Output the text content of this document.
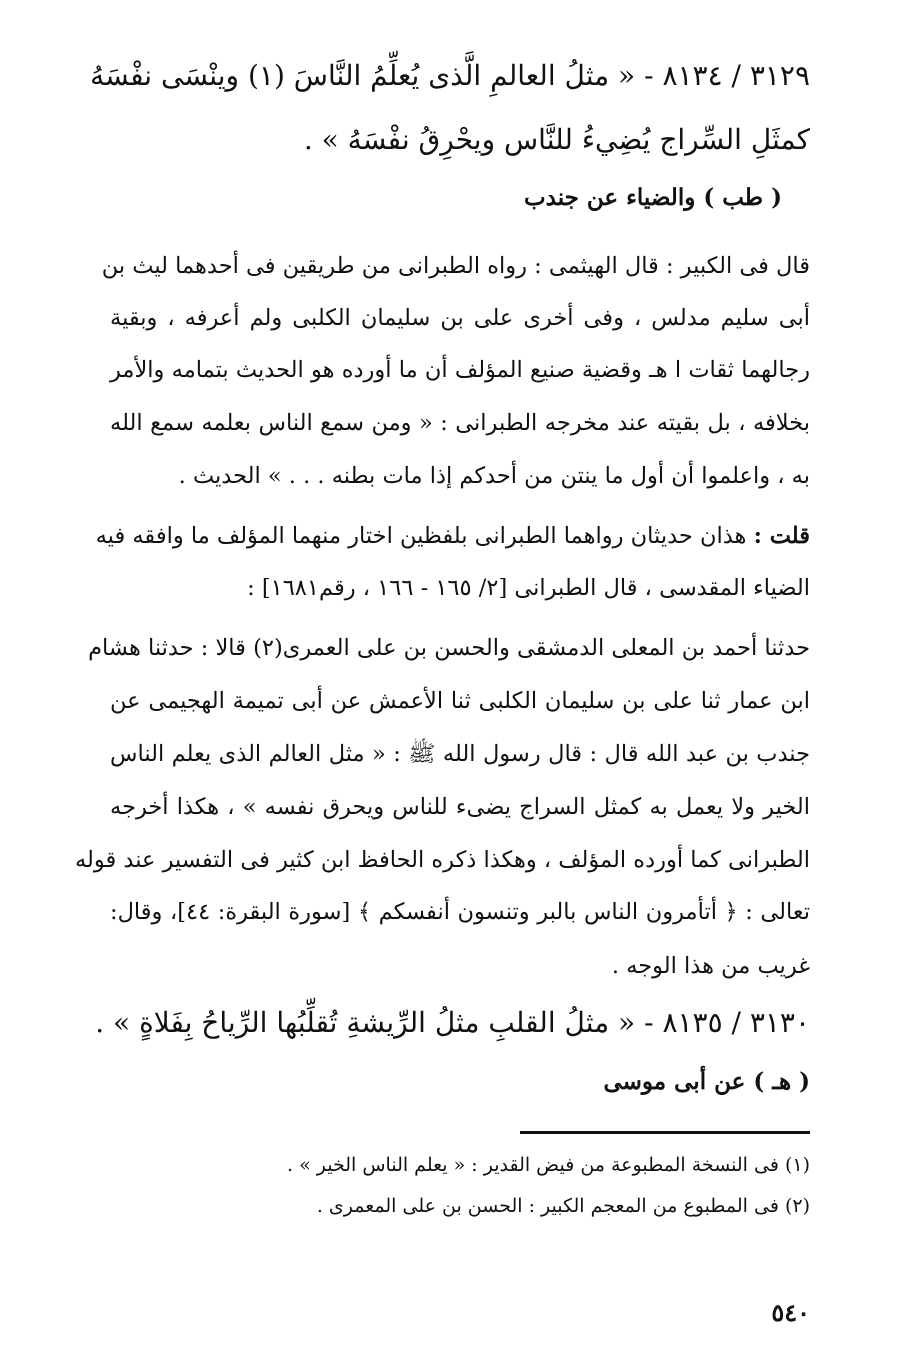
٣١٢٩ / ٨١٣٤ - « مثلُ العالمِ الَّذى يُعلِّمُ النَّاسَ (١) وينْسَى نفْسَهُ
كمثَلِ السِّراج يُضِيءُ للنَّاس ويحْرِقُ نفْسَهُ » .
( طب ) والضياء عن جندب
قال فى الكبير : قال الهيثمى : رواه الطبرانى من طريقين فى أحدهما ليث بن
أبى سليم مدلس ، وفى أخرى على بن سليمان الكلبى ولم أعرفه ، وبقية
رجالهما ثقات ا هـ وقضية صنيع المؤلف أن ما أورده هو الحديث بتمامه والأمر
بخلافه ، بل بقيته عند مخرجه الطبرانى : « ومن سمع الناس بعلمه سمع الله
به ، واعلموا أن أول ما ينتن من أحدكم إذا مات بطنه . . . » الحديث .
قلت : هذان حديثان رواهما الطبرانى بلفظين اختار منهما المؤلف ما وافقه فيه
الضياء المقدسى ، قال الطبرانى [٢/ ١٦٥ - ١٦٦ ، رقم١٦٨١] :
حدثنا أحمد بن المعلى الدمشقى والحسن بن على العمرى(٢) قالا : حدثنا هشام
ابن عمار ثنا على بن سليمان الكلبى ثنا الأعمش عن أبى تميمة الهجيمى عن
جندب بن عبد الله قال : قال رسول الله ﷺ : « مثل العالم الذى يعلم الناس
الخير ولا يعمل به كمثل السراج يضىء للناس ويحرق نفسه » ، هكذا أخرجه
الطبرانى كما أورده المؤلف ، وهكذا ذكره الحافظ ابن كثير فى التفسير عند قوله
تعالى : ﴿ أتأمرون الناس بالبر وتنسون أنفسكم ﴾ [سورة البقرة: ٤٤]، وقال:
غريب من هذا الوجه .
٣١٣٠ / ٨١٣٥ - « مثلُ القلبِ مثلُ الرِّيشةِ تُقلِّبُها الرِّياحُ بِفَلاةٍ » .
( هـ ) عن أبى موسى
(١) فى النسخة المطبوعة من فيض القدير : « يعلم الناس الخير » .
(٢) فى المطبوع من المعجم الكبير : الحسن بن على المعمرى .
٥٤٠
